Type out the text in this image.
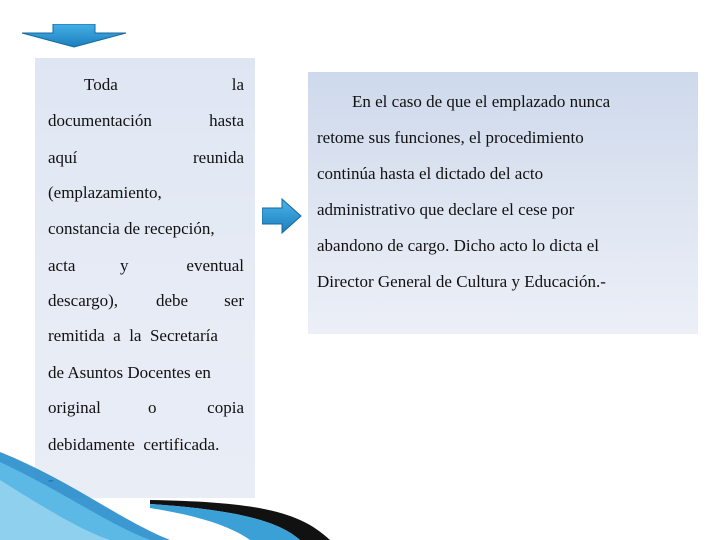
Toda	la
documentación	hasta
aquí	reunida
(emplazamiento,
constancia de recepción,
acta	y	eventual
descargo), debe ser
remitida  a  la  Secretaría
de Asuntos Docentes en
original	o	copia
debidamente  certificada.
En el caso de que el emplazado nunca
retome sus funciones, el procedimiento
continúa hasta el dictado del acto
administrativo que declare el cese por
abandono de cargo. Dicho acto lo dicta el
Director General de Cultura y Educación.-
